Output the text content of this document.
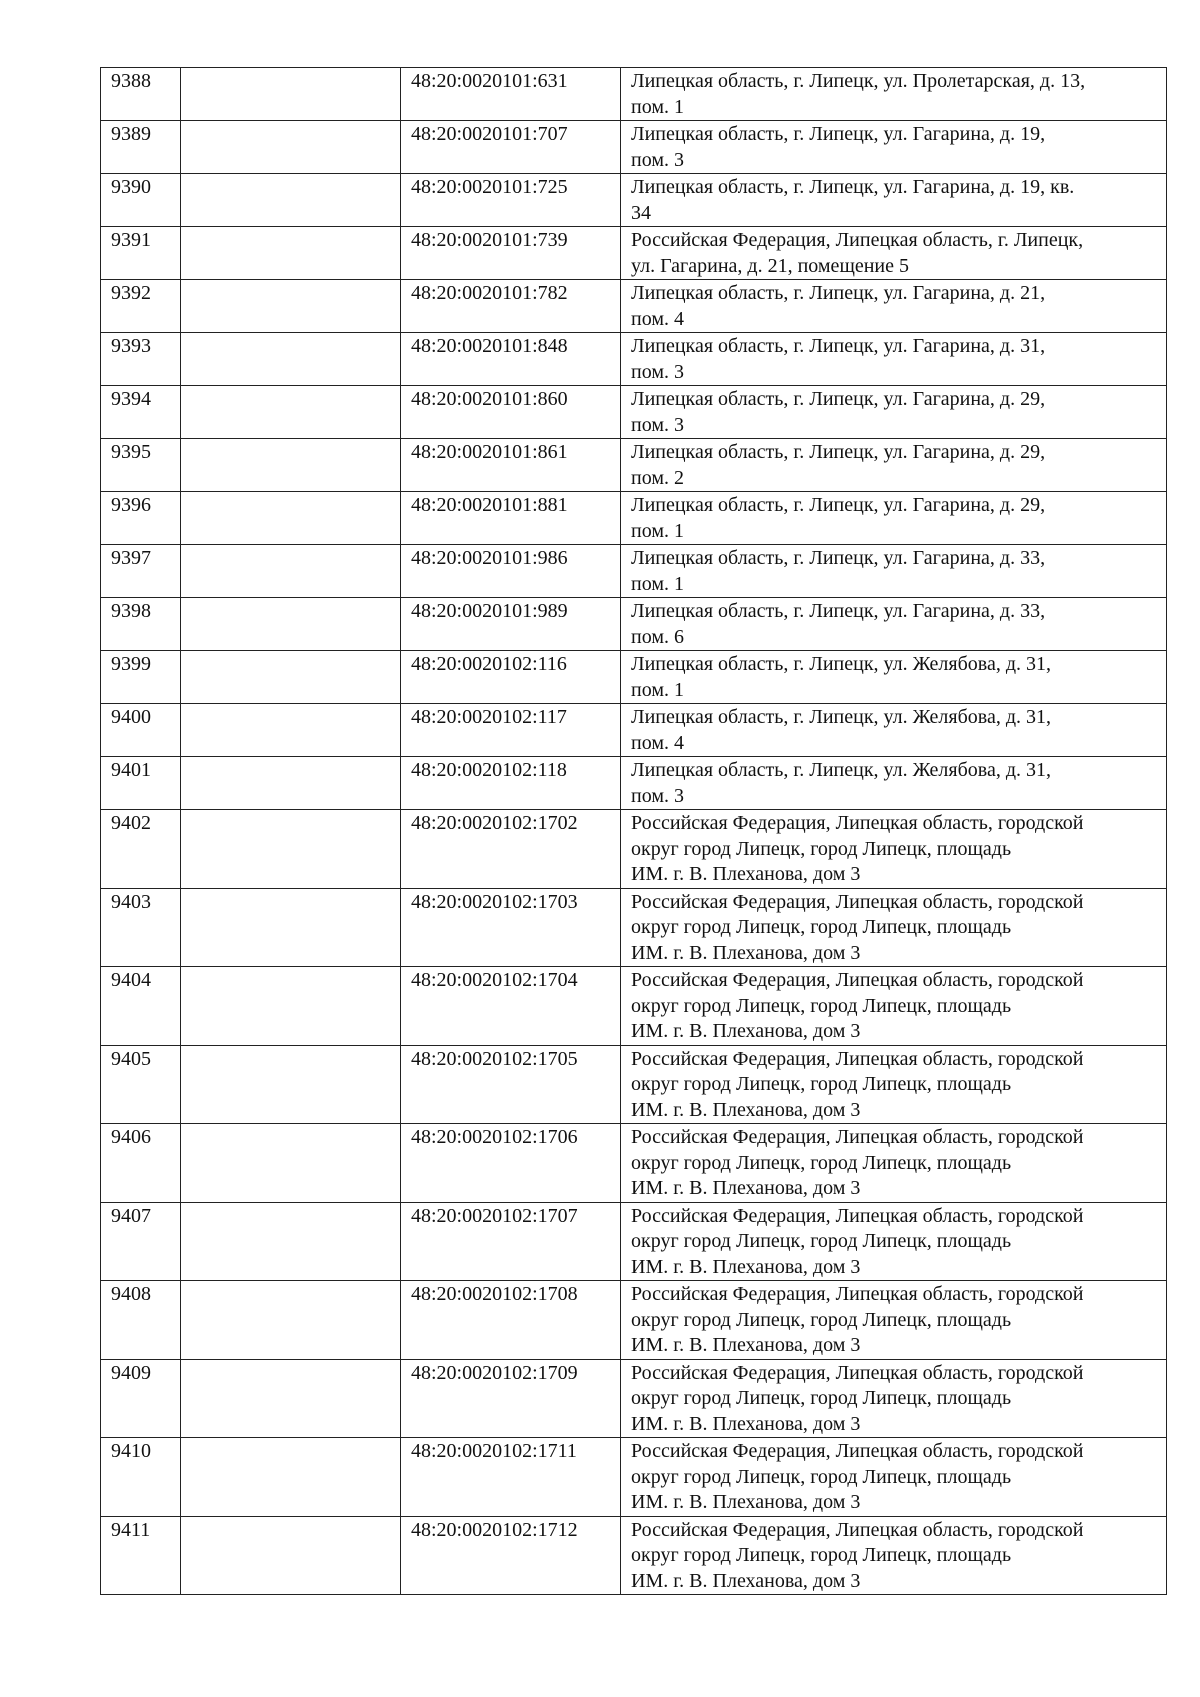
9388		48:20:0020101:631	Липецкая область, г. Липецк, ул. Пролетарская, д. 13,
пом. 1

9389		48:20:0020101:707	Липецкая область, г. Липецк, ул. Гагарина, д. 19,
пом. 3

9390		48:20:0020101:725	Липецкая область, г. Липецк, ул. Гагарина, д. 19, кв.
34

9391		48:20:0020101:739	Российская Федерация, Липецкая область, г. Липецк,
ул. Гагарина, д. 21, помещение 5

9392		48:20:0020101:782	Липецкая область, г. Липецк, ул. Гагарина, д. 21,
пом. 4

9393		48:20:0020101:848	Липецкая область, г. Липецк, ул. Гагарина, д. 31,
пом. 3

9394		48:20:0020101:860	Липецкая область, г. Липецк, ул. Гагарина, д. 29,
пом. 3

9395		48:20:0020101:861	Липецкая область, г. Липецк, ул. Гагарина, д. 29,
пом. 2

9396		48:20:0020101:881	Липецкая область, г. Липецк, ул. Гагарина, д. 29,
пом. 1

9397		48:20:0020101:986	Липецкая область, г. Липецк, ул. Гагарина, д. 33,
пом. 1

9398		48:20:0020101:989	Липецкая область, г. Липецк, ул. Гагарина, д. 33,
пом. 6

9399		48:20:0020102:116	Липецкая область, г. Липецк, ул. Желябова, д. 31,
пом. 1

9400		48:20:0020102:117	Липецкая область, г. Липецк, ул. Желябова, д. 31,
пом. 4

9401		48:20:0020102:118	Липецкая область, г. Липецк, ул. Желябова, д. 31,
пом. 3

9402		48:20:0020102:1702	Российская Федерация, Липецкая область, городской
округ город Липецк, город Липецк, площадь
ИМ. г. В. Плеханова, дом 3

9403		48:20:0020102:1703	Российская Федерация, Липецкая область, городской
округ город Липецк, город Липецк, площадь
ИМ. г. В. Плеханова, дом 3

9404		48:20:0020102:1704	Российская Федерация, Липецкая область, городской
округ город Липецк, город Липецк, площадь
ИМ. г. В. Плеханова, дом 3

9405		48:20:0020102:1705	Российская Федерация, Липецкая область, городской
округ город Липецк, город Липецк, площадь
ИМ. г. В. Плеханова, дом 3

9406		48:20:0020102:1706	Российская Федерация, Липецкая область, городской
округ город Липецк, город Липецк, площадь
ИМ. г. В. Плеханова, дом 3

9407		48:20:0020102:1707	Российская Федерация, Липецкая область, городской
округ город Липецк, город Липецк, площадь
ИМ. г. В. Плеханова, дом 3

9408		48:20:0020102:1708	Российская Федерация, Липецкая область, городской
округ город Липецк, город Липецк, площадь
ИМ. г. В. Плеханова, дом 3

9409		48:20:0020102:1709	Российская Федерация, Липецкая область, городской
округ город Липецк, город Липецк, площадь
ИМ. г. В. Плеханова, дом 3

9410		48:20:0020102:1711	Российская Федерация, Липецкая область, городской
округ город Липецк, город Липецк, площадь
ИМ. г. В. Плеханова, дом 3

9411		48:20:0020102:1712	Российская Федерация, Липецкая область, городской
округ город Липецк, город Липецк, площадь
ИМ. г. В. Плеханова, дом 3
